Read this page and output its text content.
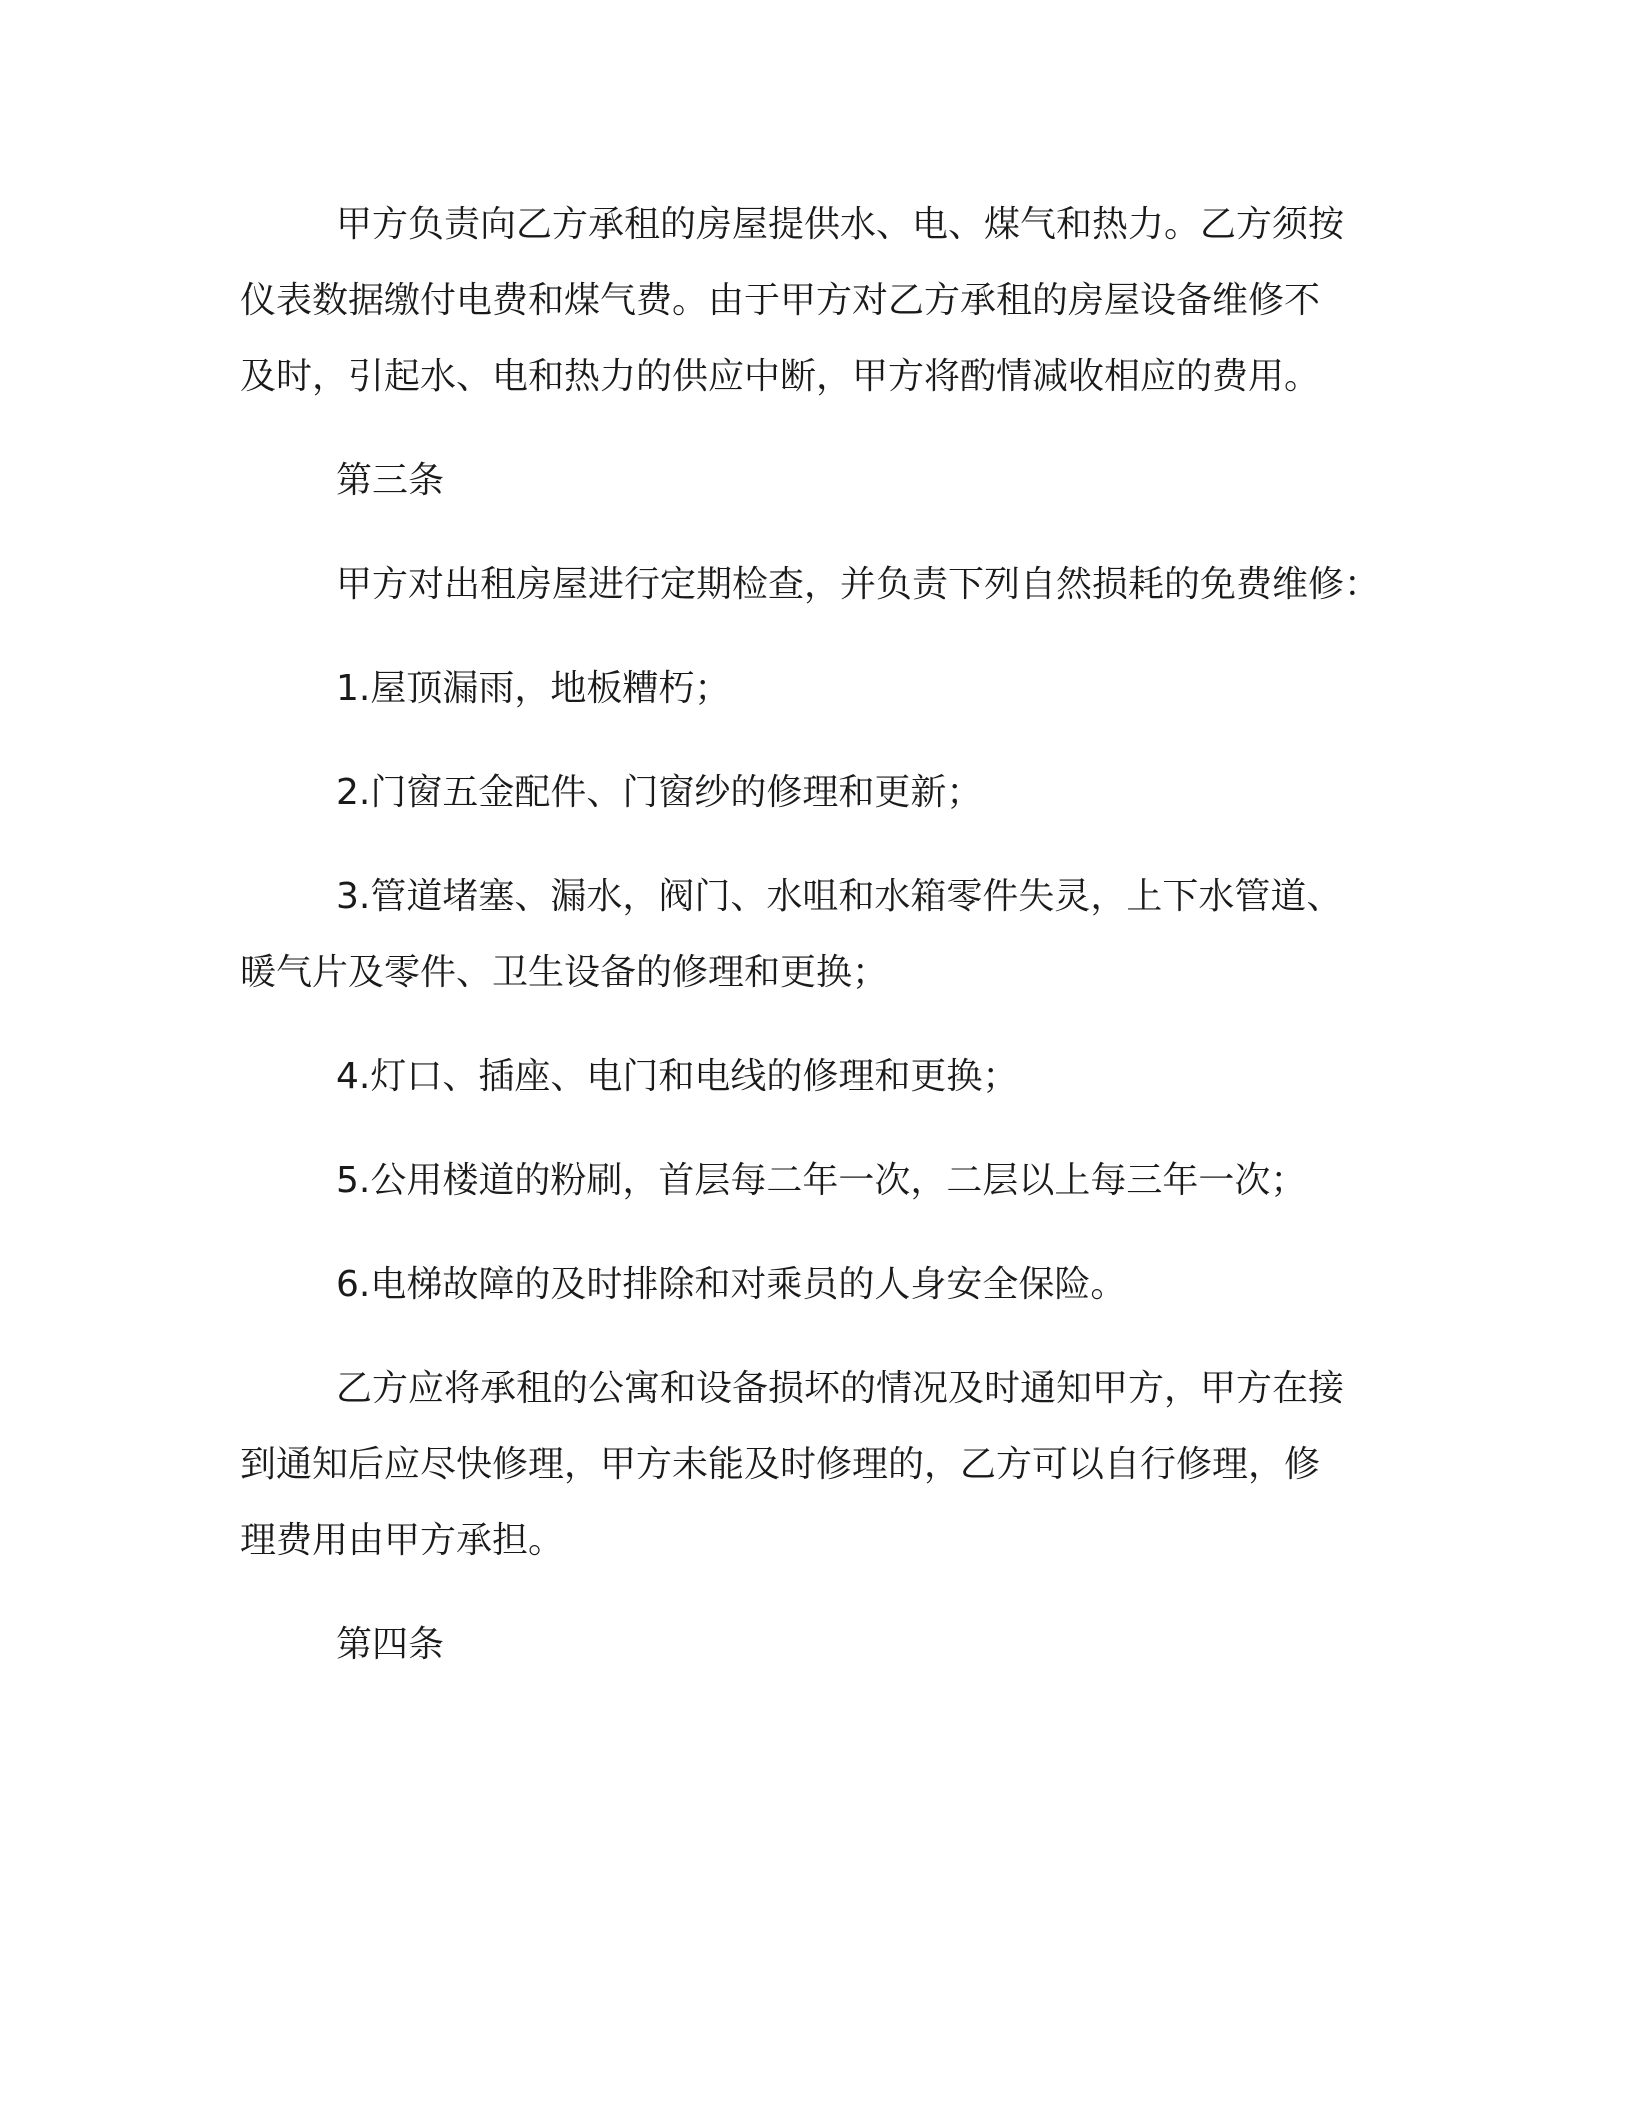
甲方负责向乙方承租的房屋提供水、电、煤气和热力。乙方须按
仪表数据缴付电费和煤气费。由于甲方对乙方承租的房屋设备维修不
及时，引起水、电和热力的供应中断，甲方将酌情减收相应的费用。
第三条
甲方对出租房屋进行定期检查，并负责下列自然损耗的免费维修：
1.屋顶漏雨，地板糟朽；
2.门窗五金配件、门窗纱的修理和更新；
3.管道堵塞、漏水，阀门、水咀和水箱零件失灵，上下水管道、
暖气片及零件、卫生设备的修理和更换；
4.灯口、插座、电门和电线的修理和更换；
5.公用楼道的粉刷，首层每二年一次，二层以上每三年一次；
6.电梯故障的及时排除和对乘员的人身安全保险。
乙方应将承租的公寓和设备损坏的情况及时通知甲方，甲方在接
到通知后应尽快修理，甲方未能及时修理的，乙方可以自行修理，修
理费用由甲方承担。
第四条
